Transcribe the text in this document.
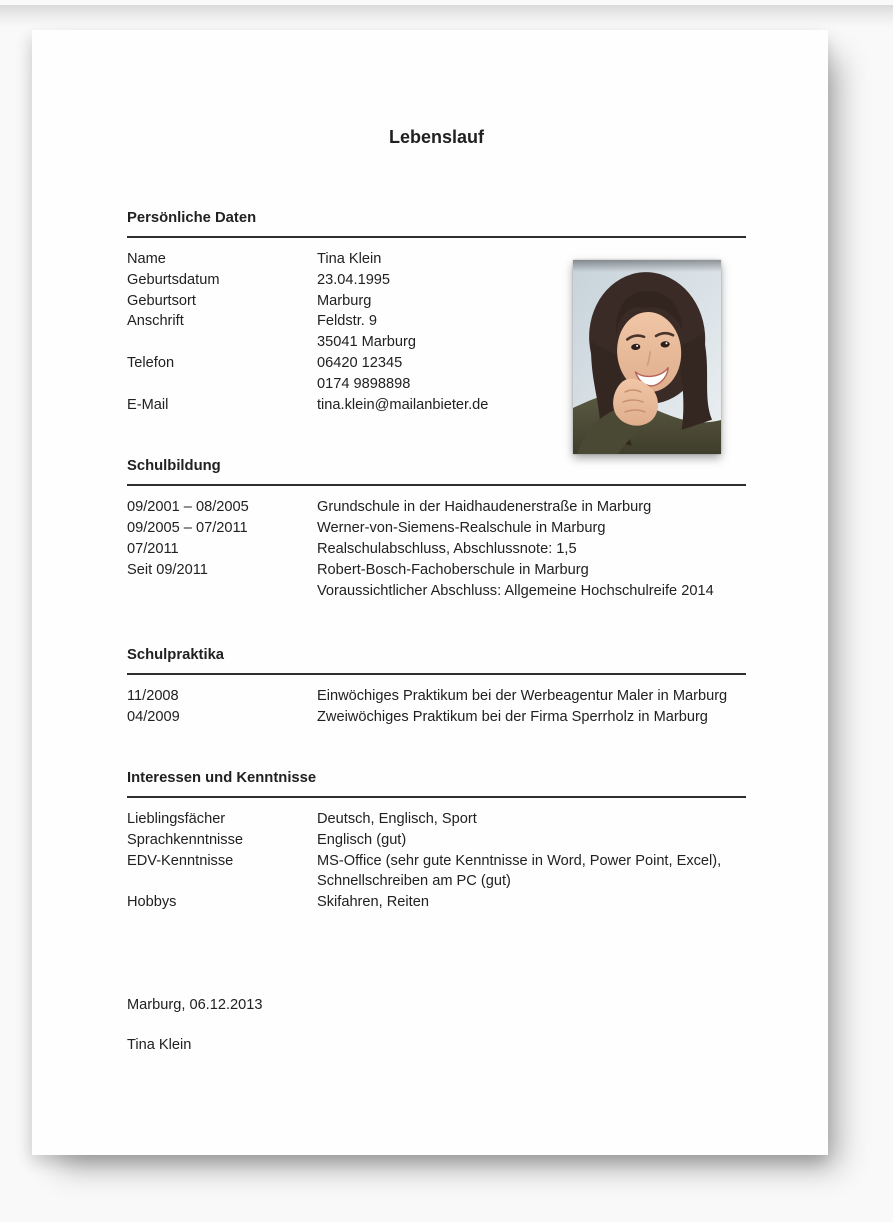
Lebenslauf
Persönliche Daten
Name	Tina Klein
Geburtsdatum	23.04.1995
Geburtsort	Marburg
Anschrift	Feldstr. 9
35041 Marburg
Telefon	06420 12345
0174 9898898
E-Mail	tina.klein@mailanbieter.de
Schulbildung
09/2001 – 08/2005	Grundschule in der Haidhaudenerstraße in Marburg
09/2005 – 07/2011	Werner-von-Siemens-Realschule in Marburg
07/2011	Realschulabschluss, Abschlussnote: 1,5
Seit 09/2011	Robert-Bosch-Fachoberschule in Marburg
Voraussichtlicher Abschluss: Allgemeine Hochschulreife 2014
Schulpraktika
11/2008	Einwöchiges Praktikum bei der Werbeagentur Maler in Marburg
04/2009	Zweiwöchiges Praktikum bei der Firma Sperrholz in Marburg
Interessen und Kenntnisse
Lieblingsfächer	Deutsch, Englisch, Sport
Sprachkenntnisse	Englisch (gut)
EDV-Kenntnisse	MS-Office (sehr gute Kenntnisse in Word, Power Point, Excel),
Schnellschreiben am PC (gut)
Hobbys	Skifahren, Reiten

Marburg, 06.12.2013

Tina Klein
